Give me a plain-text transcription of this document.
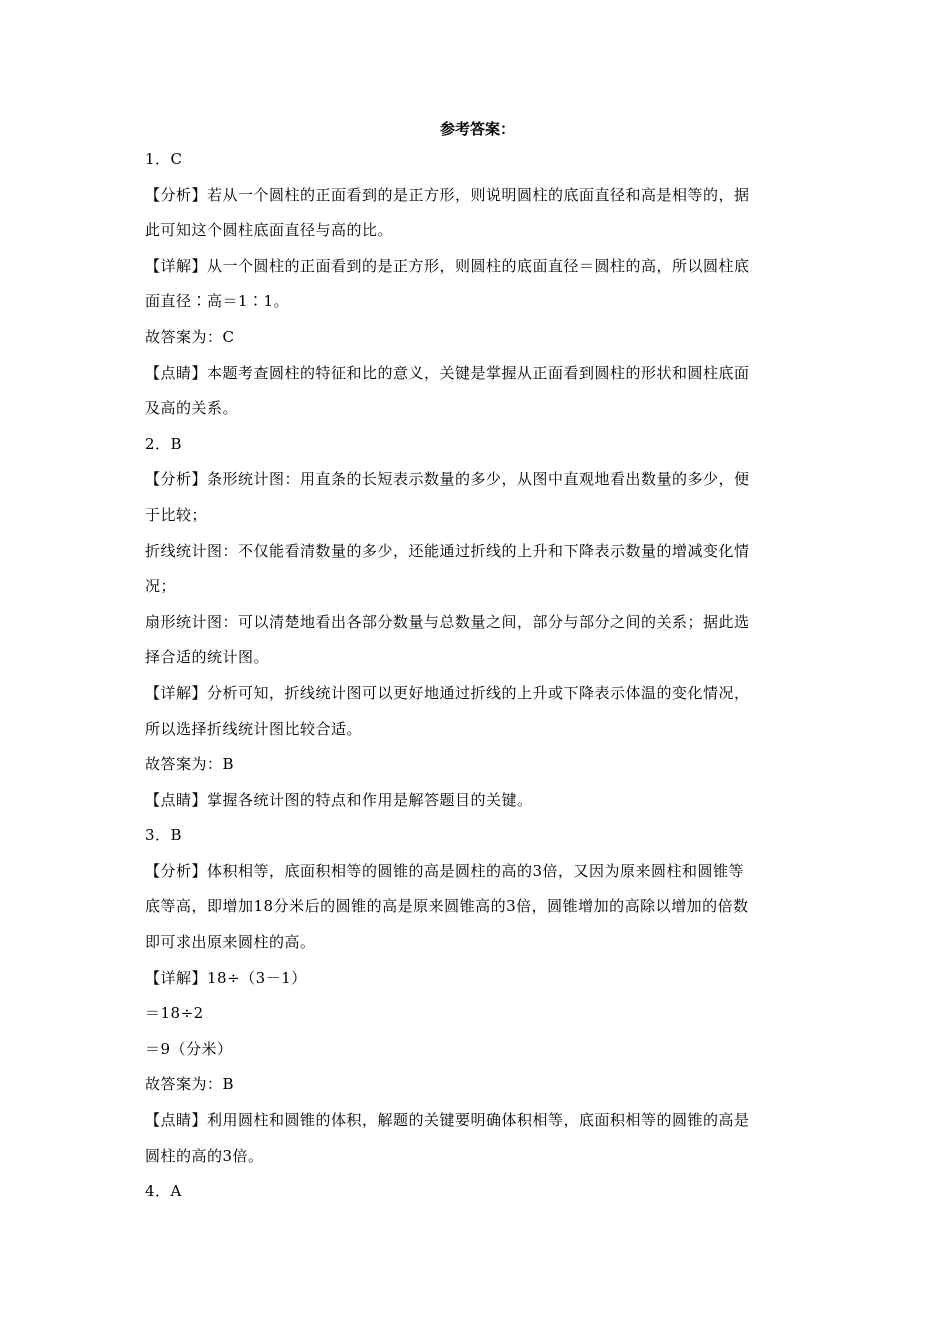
参考答案：
1．C
【分析】若从一个圆柱的正面看到的是正方形，则说明圆柱的底面直径和高是相等的，据
此可知这个圆柱底面直径与高的比。
【详解】从一个圆柱的正面看到的是正方形，则圆柱的底面直径＝圆柱的高，所以圆柱底
面直径∶高＝1∶1。
故答案为：C
【点睛】本题考查圆柱的特征和比的意义，关键是掌握从正面看到圆柱的形状和圆柱底面
及高的关系。
2．B
【分析】条形统计图：用直条的长短表示数量的多少，从图中直观地看出数量的多少，便
于比较；
折线统计图：不仅能看清数量的多少，还能通过折线的上升和下降表示数量的增减变化情
况；
扇形统计图：可以清楚地看出各部分数量与总数量之间，部分与部分之间的关系；据此选
择合适的统计图。
【详解】分析可知，折线统计图可以更好地通过折线的上升或下降表示体温的变化情况，
所以选择折线统计图比较合适。
故答案为：B
【点睛】掌握各统计图的特点和作用是解答题目的关键。
3．B
【分析】体积相等，底面积相等的圆锥的高是圆柱的高的3倍，又因为原来圆柱和圆锥等
底等高，即增加18分米后的圆锥的高是原来圆锥高的3倍，圆锥增加的高除以增加的倍数
即可求出原来圆柱的高。
【详解】18÷（3－1）
＝18÷2
＝9（分米）
故答案为：B
【点睛】利用圆柱和圆锥的体积，解题的关键要明确体积相等，底面积相等的圆锥的高是
圆柱的高的3倍。
4．A
